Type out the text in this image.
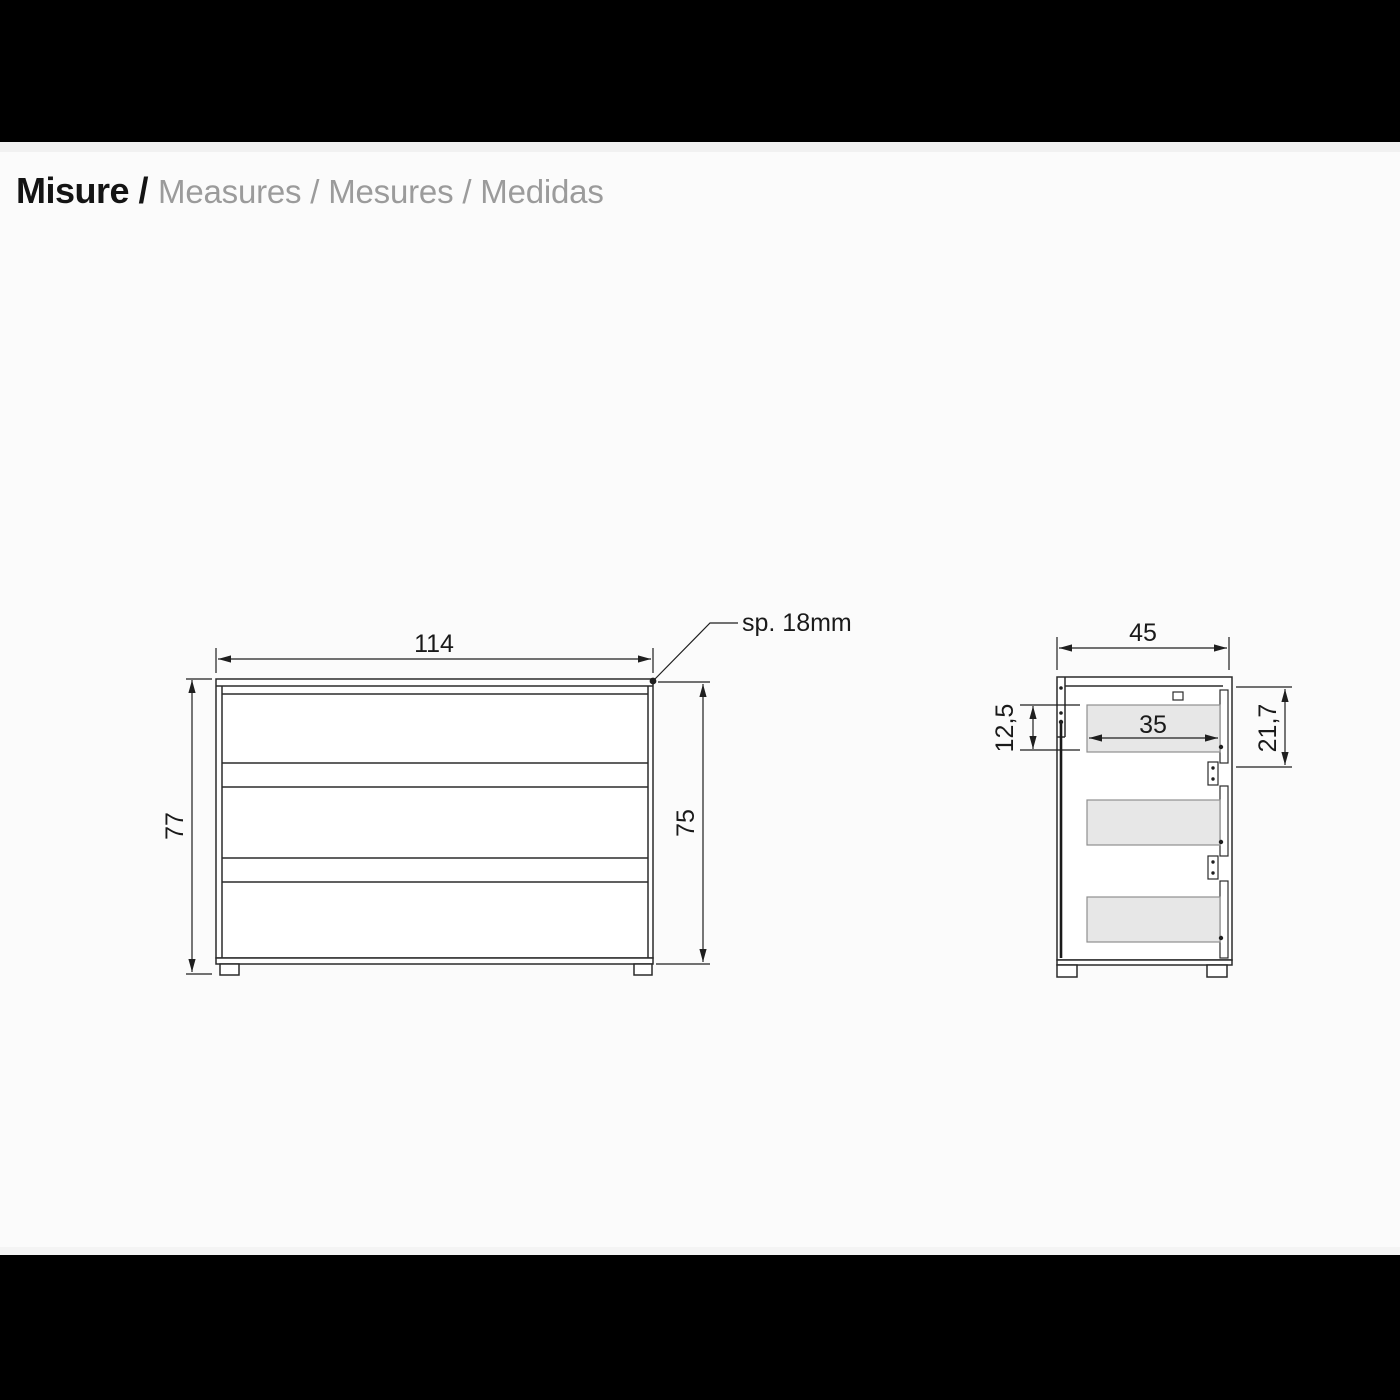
Misure / Measures / Mesures / Medidas
114
77	75
sp. 18mm	45
12,5	35	21,7
